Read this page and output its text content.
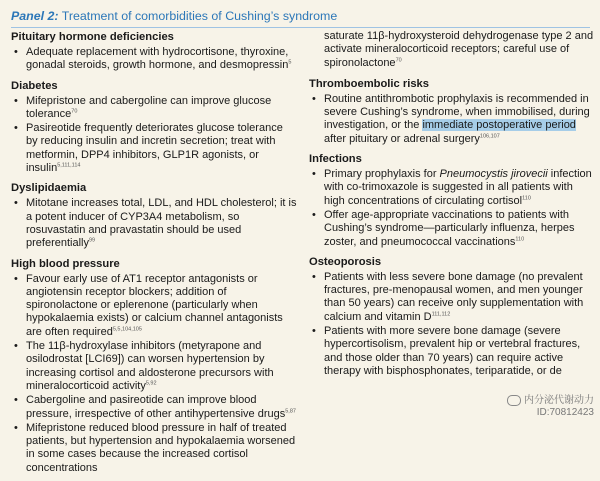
Panel 2: Treatment of comorbidities of Cushing’s syndrome
Pituitary hormone deficiencies
• Adequate replacement with hydrocortisone, thyroxine, gonadal steroids, growth hormone, and desmopressin$^5$
Diabetes
• Mifepristone and cabergoline can improve glucose tolerance$^{70}$
• Pasireotide frequently deteriorates glucose tolerance by reducing insulin and incretin secretion; treat with metformin, DPP4 inhibitors, GLP1R agonists, or insulin$^{5,111,114}$
Dyslipidaemia
• Mitotane increases total, LDL, and HDL cholesterol; it is a potent inducer of CYP3A4 metabolism, so rosuvastatin and pravastatin should be used preferentially$^{99}$
High blood pressure
• Favour early use of AT1 receptor antagonists or angiotensin receptor blockers; addition of spironolactone or eplerenone (particularly when hypokalaemia exists) or calcium channel antagonists are often required$^{5,5,104,105}$
• The 11β-hydroxylase inhibitors (metyrapone and osilodrostat [LCI69]) can worsen hypertension by increasing cortisol and aldosterone precursors with mineralocorticoid activity$^{5,92}$
• Cabergoline and pasireotide can improve blood pressure, irrespective of other antihypertensive drugs$^{5,87}$
• Mifepristone reduced blood pressure in half of treated patients, but hypertension and hypokalaemia worsened in some cases because the increased cortisol concentrations

saturate 11β-hydroxysteroid dehydrogenase type 2 and activate mineralocorticoid receptors; careful use of spironolactone$^{70}$

Thromboembolic risks
• Routine antithrombotic prophylaxis is recommended in severe Cushing’s syndrome, when immobilised, during investigation, or the immediate postoperative period after pituitary or adrenal surgery$^{106,107}$
Infections
• Primary prophylaxis for Pneumocystis jirovecii infection with co-trimoxazole is suggested in all patients with high concentrations of circulating cortisol$^{110}$
• Offer age-appropriate vaccinations to patients with Cushing’s syndrome—particularly influenza, herpes zoster, and pneumococcal vaccinations$^{110}$
Osteoporosis
• Patients with less severe bone damage (no prevalent fractures, pre-menopausal women, and men younger than 50 years) can receive only supplementation with calcium and vitamin D$^{111,112}$
• Patients with more severe bone damage (severe hypercortisolism, prevalent hip or vertebral fractures, and those older than 70 years) can require active therapy with bisphosphonates, teriparatide, or de
内分泌代谢动力
ID:70812423
